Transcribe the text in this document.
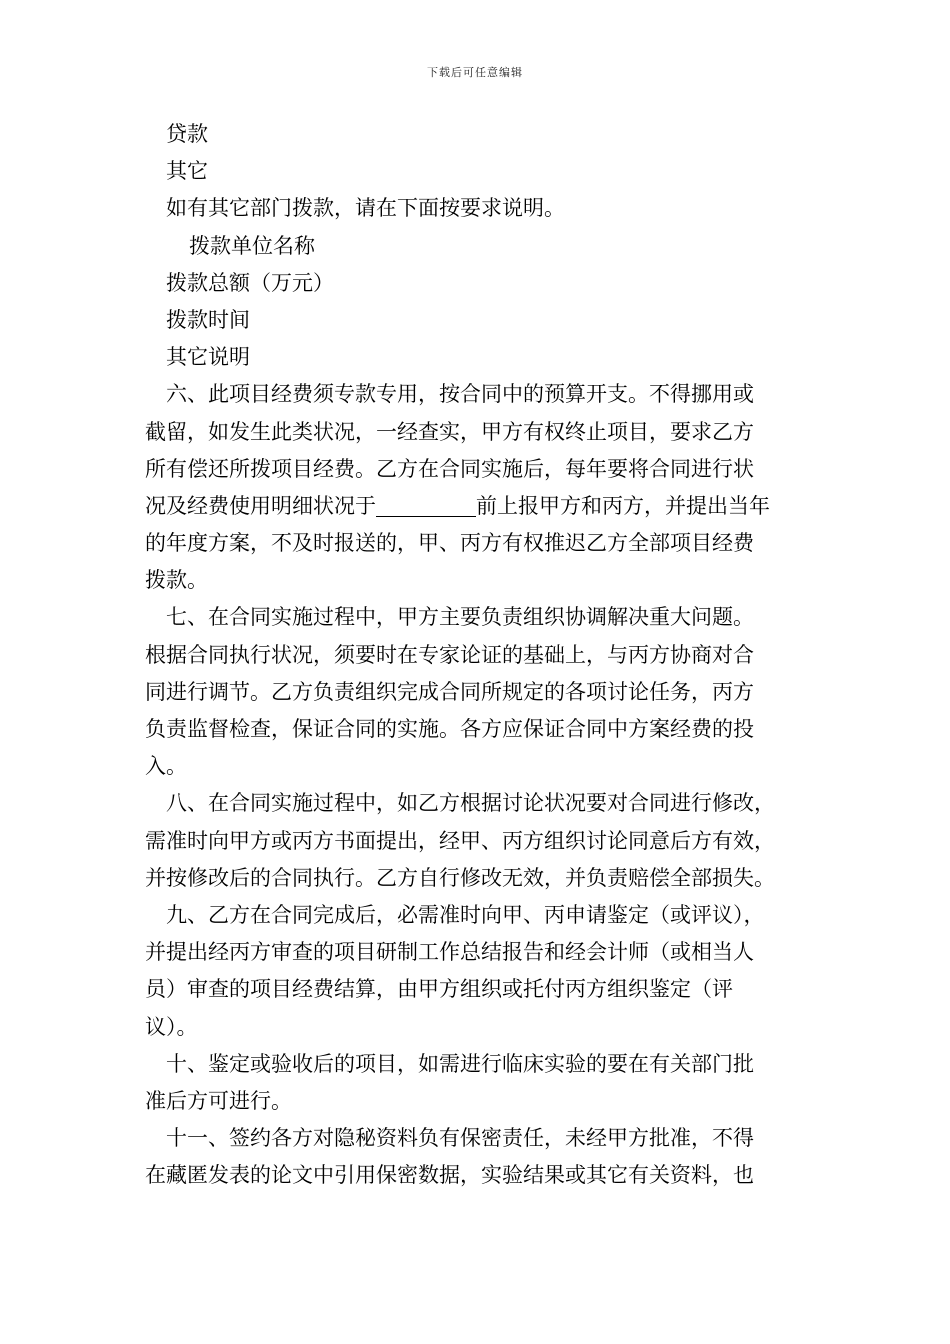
下载后可任意编辑
贷款
其它
如有其它部门拨款，请在下面按要求说明。
拨款单位名称
拨款总额（万元）
拨款时间
其它说明
六、此项目经费须专款专用，按合同中的预算开支。不得挪用或
截留，如发生此类状况，一经查实，甲方有权终止项目，要求乙方
所有偿还所拨项目经费。乙方在合同实施后，每年要将合同进行状
况及经费使用明细状况于	前上报甲方和丙方，并提出当年
的年度方案，不及时报送的，甲、丙方有权推迟乙方全部项目经费
拨款。
七、在合同实施过程中，甲方主要负责组织协调解决重大问题。
根据合同执行状况，须要时在专家论证的基础上，与丙方协商对合
同进行调节。乙方负责组织完成合同所规定的各项讨论任务，丙方
负责监督检查，保证合同的实施。各方应保证合同中方案经费的投
入。
八、在合同实施过程中，如乙方根据讨论状况要对合同进行修改，
需准时向甲方或丙方书面提出，经甲、丙方组织讨论同意后方有效，
并按修改后的合同执行。乙方自行修改无效，并负责赔偿全部损失。
九、乙方在合同完成后，必需准时向甲、丙申请鉴定（或评议），
并提出经丙方审查的项目研制工作总结报告和经会计师（或相当人
员）审查的项目经费结算，由甲方组织或托付丙方组织鉴定（评
议）。
十、鉴定或验收后的项目，如需进行临床实验的要在有关部门批
准后方可进行。
十一、签约各方对隐秘资料负有保密责任，未经甲方批准，不得
在藏匿发表的论文中引用保密数据，实验结果或其它有关资料，也
